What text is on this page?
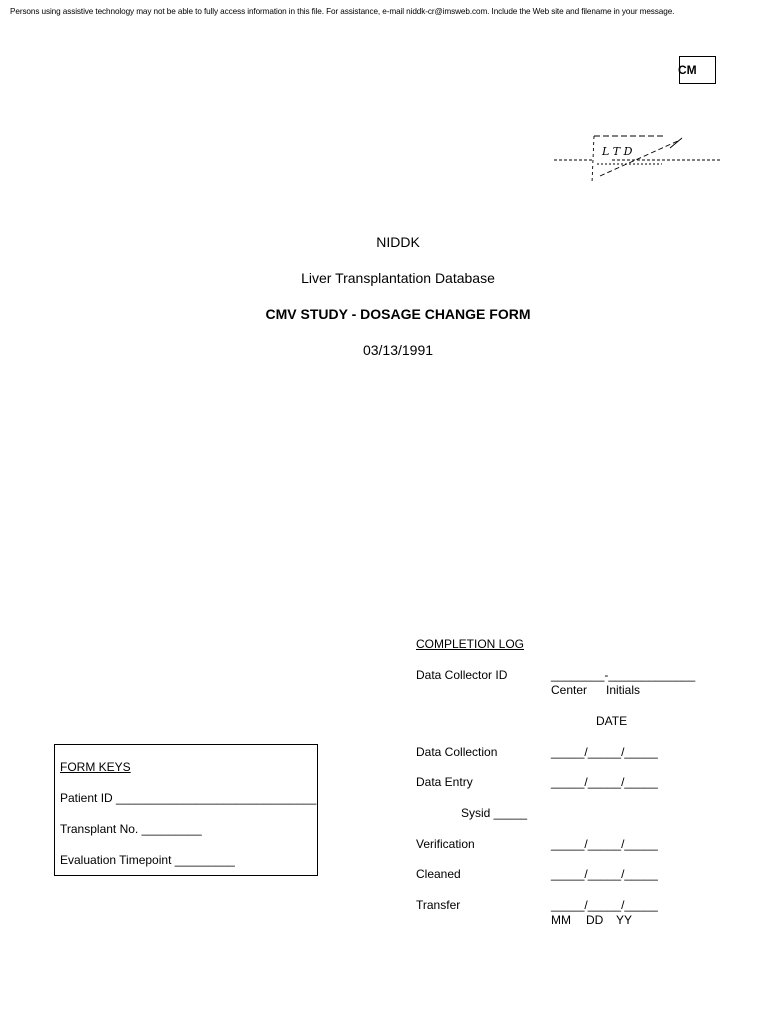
Persons using assistive technology may not be able to fully access information in this file. For assistance, e-mail niddk-cr@imsweb.com. Include the Web site and filename in your message.
CM
L T D
NIDDK
Liver Transplantation Database
CMV STUDY - DOSAGE CHANGE FORM
03/13/1991
COMPLETION LOG
Data Collector ID	________-_____________
Center Initials
DATE
Data Collection	_____/_____/_____
Data Entry	_____/_____/_____
Sysid _____
Verification	_____/_____/_____
Cleaned	_____/_____/_____
Transfer	_____/_____/_____
MM DD YY
FORM KEYS
Patient ID ______________________________
Transplant No. _________
Evaluation Timepoint _________
